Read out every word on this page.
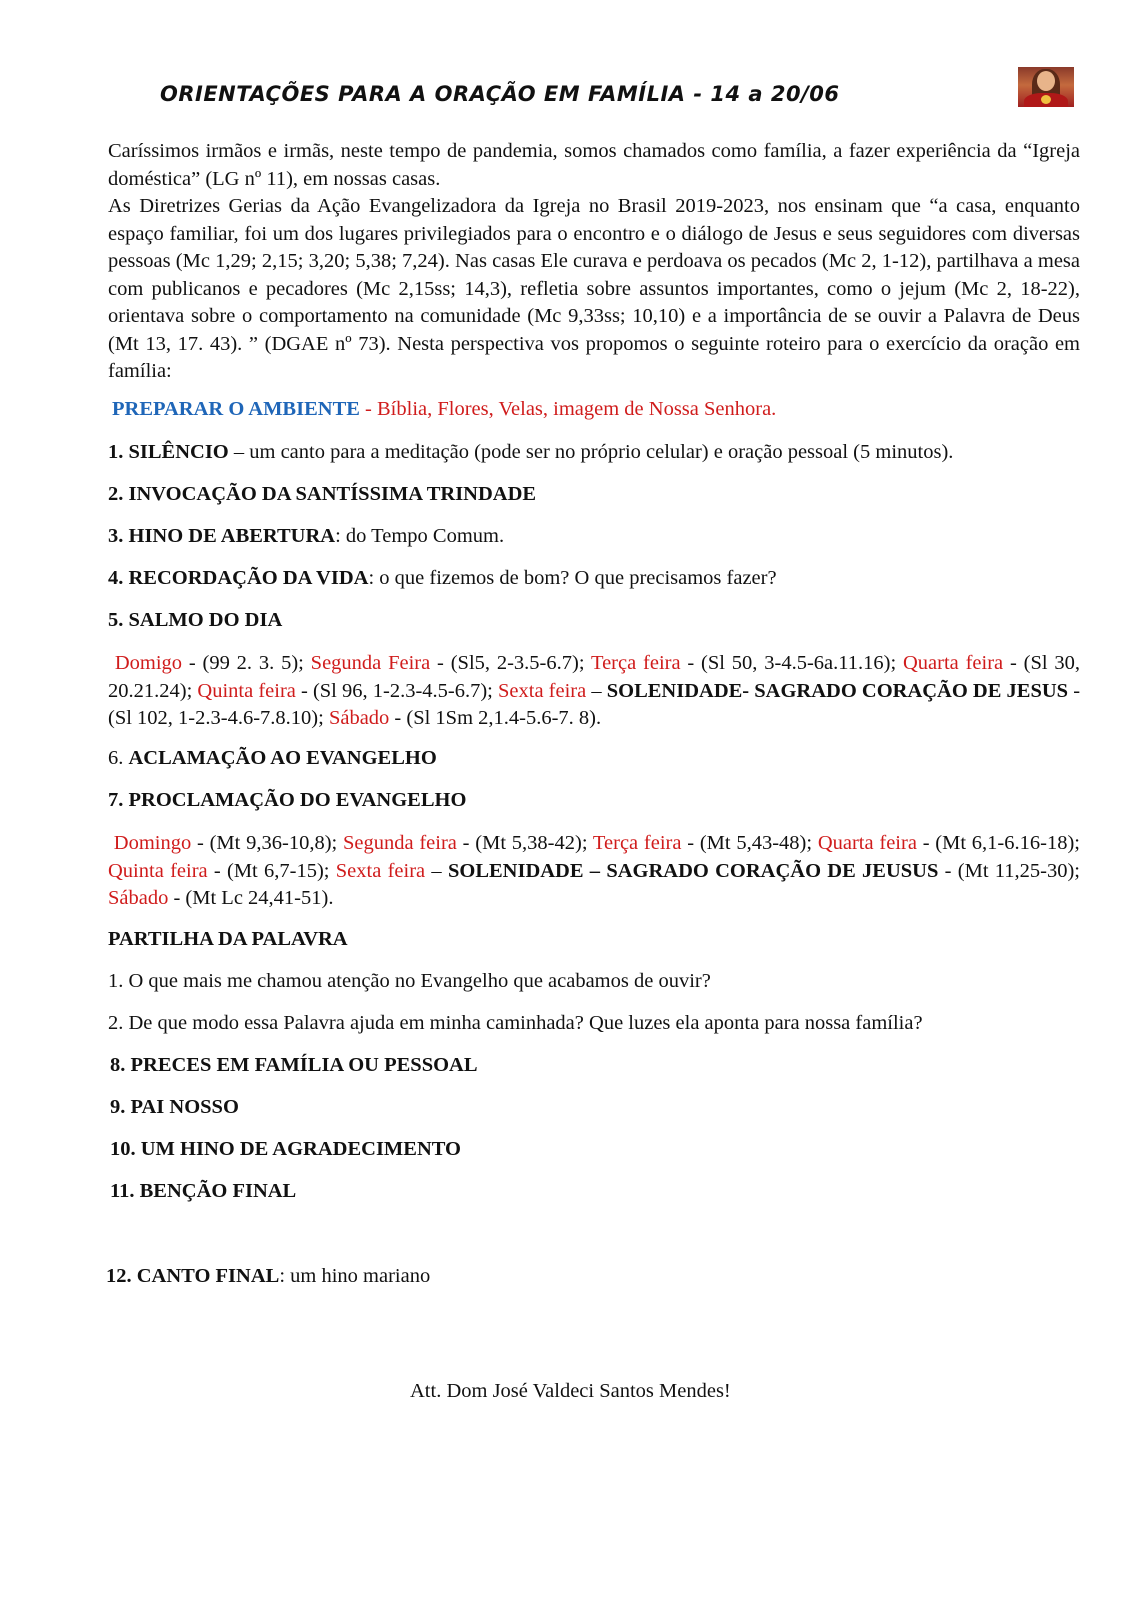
ORIENTAÇÕES PARA A ORAÇÃO EM FAMÍLIA - 14 a 20/06
Caríssimos irmãos e irmãs, neste tempo de pandemia, somos chamados como família, a fazer experiência da “Igreja doméstica” (LG nº 11), em nossas casas.
As Diretrizes Gerias da Ação Evangelizadora da Igreja no Brasil 2019-2023, nos ensinam que “a casa, enquanto espaço familiar, foi um dos lugares privilegiados para o encontro e o diálogo de Jesus e seus seguidores com diversas pessoas (Mc 1,29; 2,15; 3,20; 5,38; 7,24). Nas casas Ele curava e perdoava os pecados (Mc 2, 1-12), partilhava a mesa com publicanos e pecadores (Mc 2,15ss; 14,3), refletia sobre assuntos importantes, como o jejum (Mc 2, 18-22), orientava sobre o comportamento na comunidade (Mc 9,33ss; 10,10) e a importância de se ouvir a Palavra de Deus (Mt 13, 17. 43). ” (DGAE nº 73). Nesta perspectiva vos propomos o seguinte roteiro para o exercício da oração em família:
PREPARAR O AMBIENTE - Bíblia, Flores, Velas, imagem de Nossa Senhora.
1. SILÊNCIO – um canto para a meditação (pode ser no próprio celular) e oração pessoal (5 minutos).
2. INVOCAÇÃO DA SANTÍSSIMA TRINDADE
3. HINO DE ABERTURA: do Tempo Comum.
4. RECORDAÇÃO DA VIDA: o que fizemos de bom? O que precisamos fazer?
5. SALMO DO DIA
Domigo - (99 2. 3. 5); Segunda Feira - (Sl5, 2-3.5-6.7); Terça feira - (Sl 50, 3-4.5-6a.11.16); Quarta feira - (Sl 30, 20.21.24); Quinta feira - (Sl 96, 1-2.3-4.5-6.7); Sexta feira – SOLENIDADE- SAGRADO CORAÇÃO DE JESUS - (Sl 102, 1-2.3-4.6-7.8.10); Sábado - (Sl 1Sm 2,1.4-5.6-7. 8).
6. ACLAMAÇÃO AO EVANGELHO
7. PROCLAMAÇÃO DO EVANGELHO
Domingo - (Mt 9,36-10,8); Segunda feira - (Mt 5,38-42); Terça feira - (Mt 5,43-48); Quarta feira - (Mt 6,1-6.16-18); Quinta feira - (Mt 6,7-15); Sexta feira – SOLENIDADE – SAGRADO CORAÇÃO DE JEUSUS - (Mt 11,25-30); Sábado - (Mt Lc 24,41-51).
PARTILHA DA PALAVRA
1. O que mais me chamou atenção no Evangelho que acabamos de ouvir?
2. De que modo essa Palavra ajuda em minha caminhada? Que luzes ela aponta para nossa família?
8. PRECES EM FAMÍLIA OU PESSOAL
9. PAI NOSSO
10. UM HINO DE AGRADECIMENTO
11. BENÇÃO FINAL
12. CANTO FINAL: um hino mariano
Att. Dom José Valdeci Santos Mendes!
